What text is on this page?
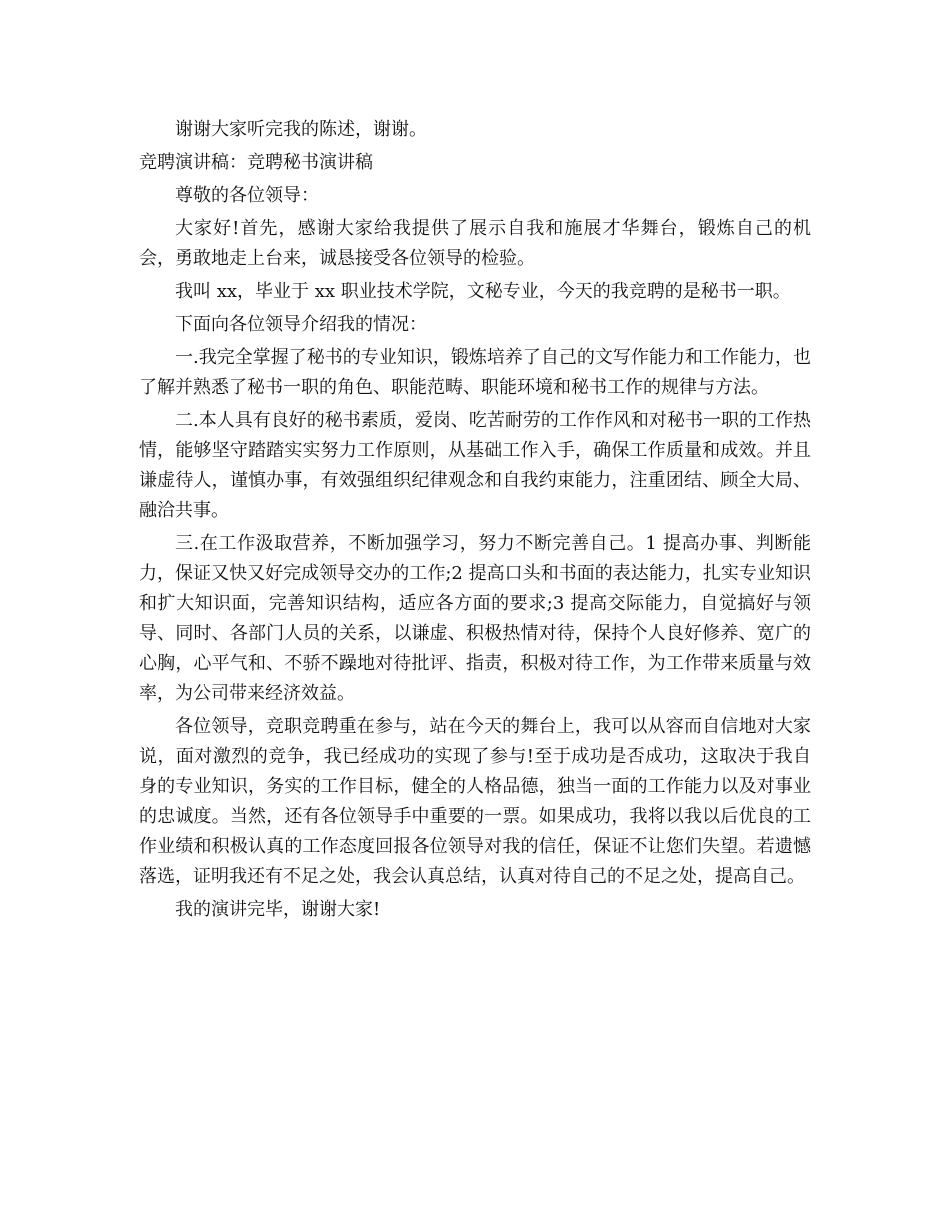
谢谢大家听完我的陈述，谢谢。

竞聘演讲稿：竞聘秘书演讲稿

尊敬的各位领导：

大家好!首先，感谢大家给我提供了展示自我和施展才华舞台，锻炼自己的机会，勇敢地走上台来，诚恳接受各位领导的检验。

我叫 xx，毕业于 xx 职业技术学院，文秘专业，今天的我竞聘的是秘书一职。

下面向各位领导介绍我的情况：

一.我完全掌握了秘书的专业知识，锻炼培养了自己的文写作能力和工作能力，也了解并熟悉了秘书一职的角色、职能范畴、职能环境和秘书工作的规律与方法。

二.本人具有良好的秘书素质，爱岗、吃苦耐劳的工作作风和对秘书一职的工作热情，能够坚守踏踏实实努力工作原则，从基础工作入手，确保工作质量和成效。并且谦虚待人，谨慎办事，有效强组织纪律观念和自我约束能力，注重团结、顾全大局、融洽共事。

三.在工作汲取营养，不断加强学习，努力不断完善自己。1 提高办事、判断能力，保证又快又好完成领导交办的工作;2 提高口头和书面的表达能力，扎实专业知识和扩大知识面，完善知识结构，适应各方面的要求;3 提高交际能力，自觉搞好与领导、同时、各部门人员的关系，以谦虚、积极热情对待，保持个人良好修养、宽广的心胸，心平气和、不骄不躁地对待批评、指责，积极对待工作，为工作带来质量与效率，为公司带来经济效益。

各位领导，竞职竞聘重在参与，站在今天的舞台上，我可以从容而自信地对大家说，面对激烈的竞争，我已经成功的实现了参与!至于成功是否成功，这取决于我自身的专业知识，务实的工作目标，健全的人格品德，独当一面的工作能力以及对事业的忠诚度。当然，还有各位领导手中重要的一票。如果成功，我将以我以后优良的工作业绩和积极认真的工作态度回报各位领导对我的信任，保证不让您们失望。若遗憾落选，证明我还有不足之处，我会认真总结，认真对待自己的不足之处，提高自己。

我的演讲完毕，谢谢大家!
